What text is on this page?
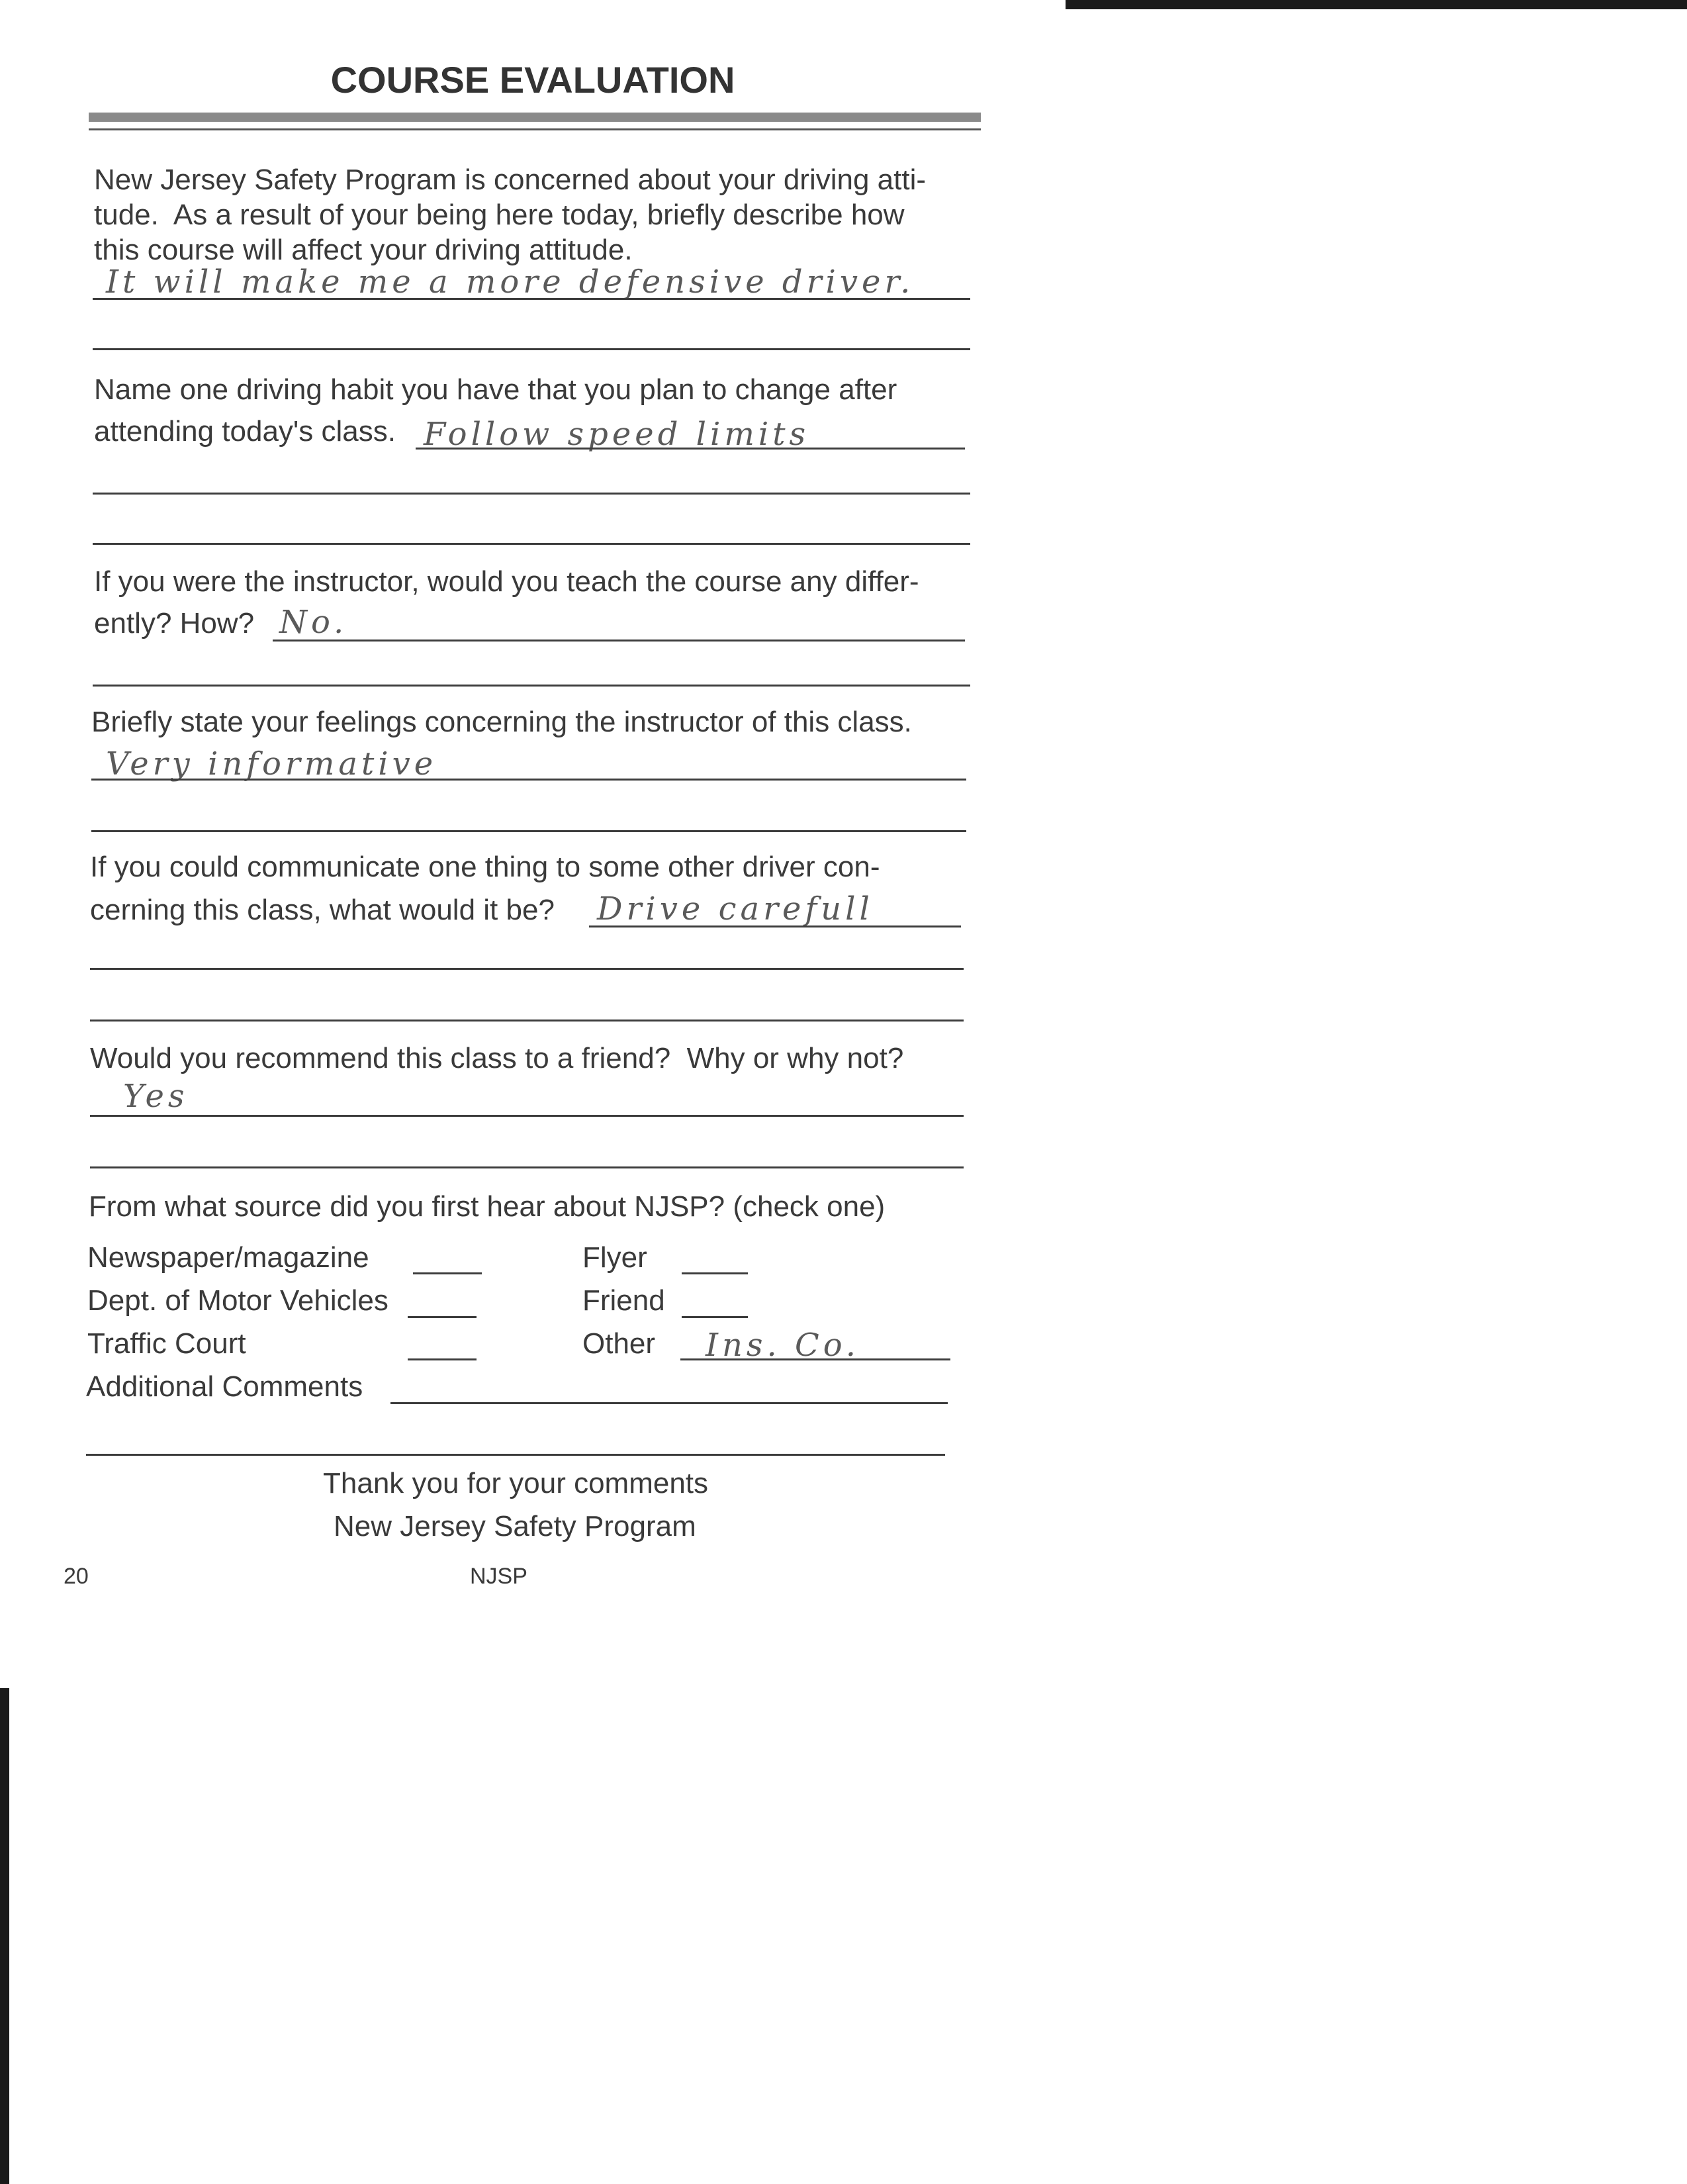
COURSE EVALUATION

New Jersey Safety Program is concerned about your driving atti-

tude.  As a result of your being here today, briefly describe how

this course will affect your driving attitude.

It will make me a more defensive driver.

Name one driving habit you have that you plan to change after

attending today's class. Follow speed limits

If you were the instructor, would you teach the course any differ-

ently? How? No.

Briefly state your feelings concerning the instructor of this class.

Very informative

If you could communicate one thing to some other driver con-

cerning this class, what would it be? Drive carefull

Would you recommend this class to a friend?  Why or why not?

Yes

From what source did you first hear about NJSP? (check one)

Newspaper/magazine
Dept. of Motor Vehicles
Traffic Court
Flyer
Friend
Other Ins. Co.
Additional Comments
Thank you for your comments
New Jersey Safety Program
20	NJSP
